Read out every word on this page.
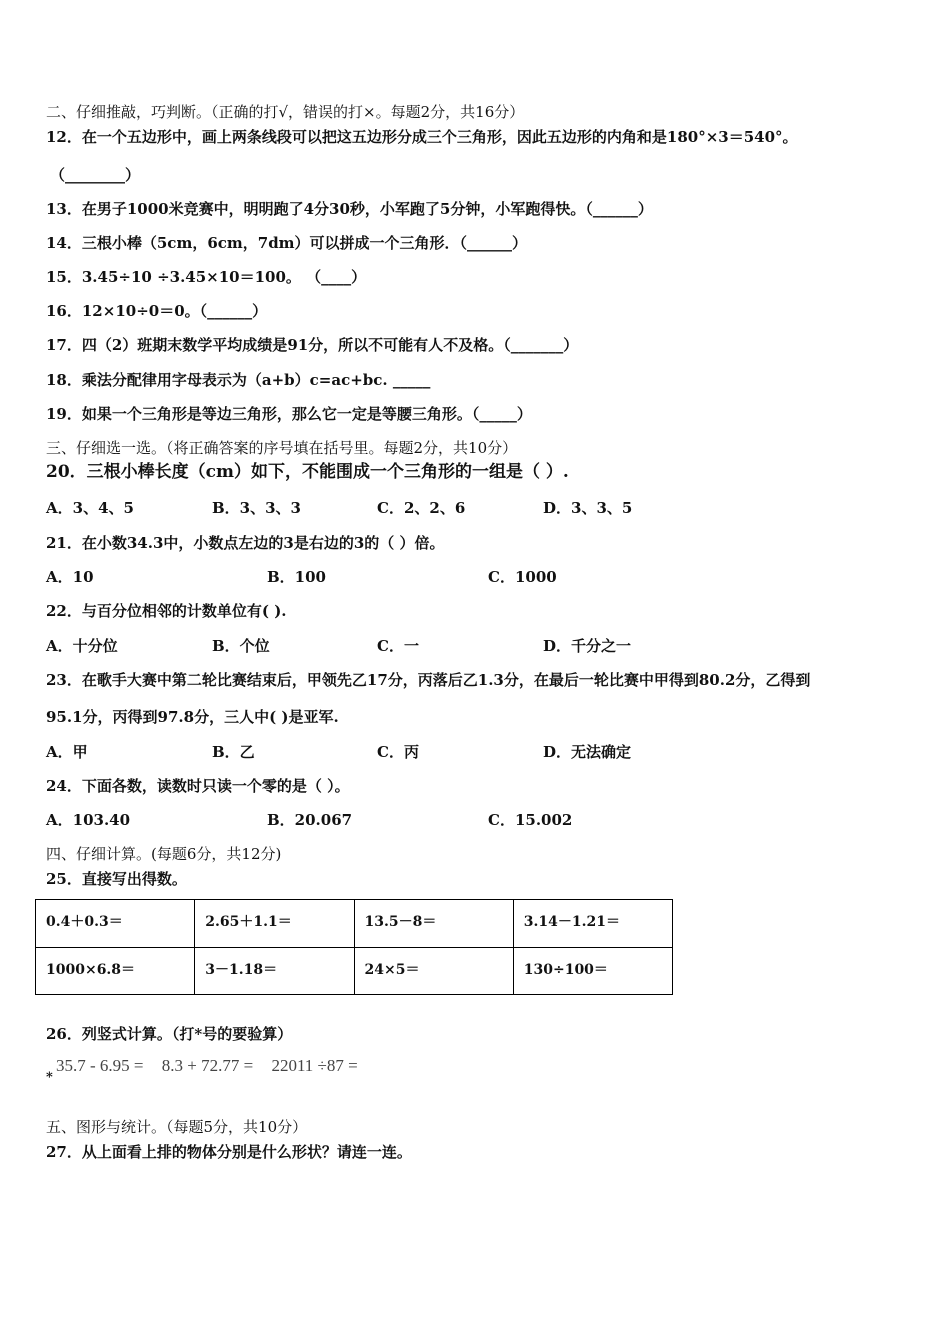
二、仔细推敲，巧判断。（正确的打√，错误的打×。每题2分，共16分）
12．在一个五边形中，画上两条线段可以把这五边形分成三个三角形，因此五边形的内角和是180°×3＝540°。
（________）
13．在男子1000米竞赛中，明明跑了4分30秒，小军跑了5分钟，小军跑得快。（______）
14．三根小棒（5cm，6cm，7dm）可以拼成一个三角形．（______）
15．3.45÷10 ÷3.45×10＝100。 （____）
16．12×10÷0＝0。（______）
17．四（2）班期末数学平均成绩是91分，所以不可能有人不及格。（_______）
18．乘法分配律用字母表示为（a+b）c=ac+bc. _____
19．如果一个三角形是等边三角形，那么它一定是等腰三角形。（_____）
三、仔细选一选。（将正确答案的序号填在括号里。每题2分，共10分）
20．三根小棒长度（cm）如下，不能围成一个三角形的一组是（ ）.
A．3、4、5	B．3、3、3	C．2、2、6	D．3、3、5
21．在小数34.3中，小数点左边的3是右边的3的（ ）倍。
A．10	B．100	C．1000
22．与百分位相邻的计数单位有( ).
A．十分位	B．个位	C．一	D．千分之一
23．在歌手大赛中第二轮比赛结束后，甲领先乙17分，丙落后乙1.3分，在最后一轮比赛中甲得到80.2分，乙得到
95.1分，丙得到97.8分，三人中( )是亚军.
A．甲	B．乙	C．丙	D．无法确定
24．下面各数，读数时只读一个零的是（ ）。
A．103.40	B．20.067	C．15.002
四、仔细计算。(每题6分，共12分)
25．直接写出得数。
0.4＋0.3＝	2.65＋1.1＝	13.5－8＝	3.14－1.21＝
1000×6.8＝	3－1.18＝	24×5＝	130÷100＝
26．列竖式计算。（打*号的要验算）
*
35.7 - 6.95 = 8.3 + 72.77 = 22011 ÷87 =
五、图形与统计。（每题5分，共10分）
27．从上面看上排的物体分别是什么形状？请连一连。
